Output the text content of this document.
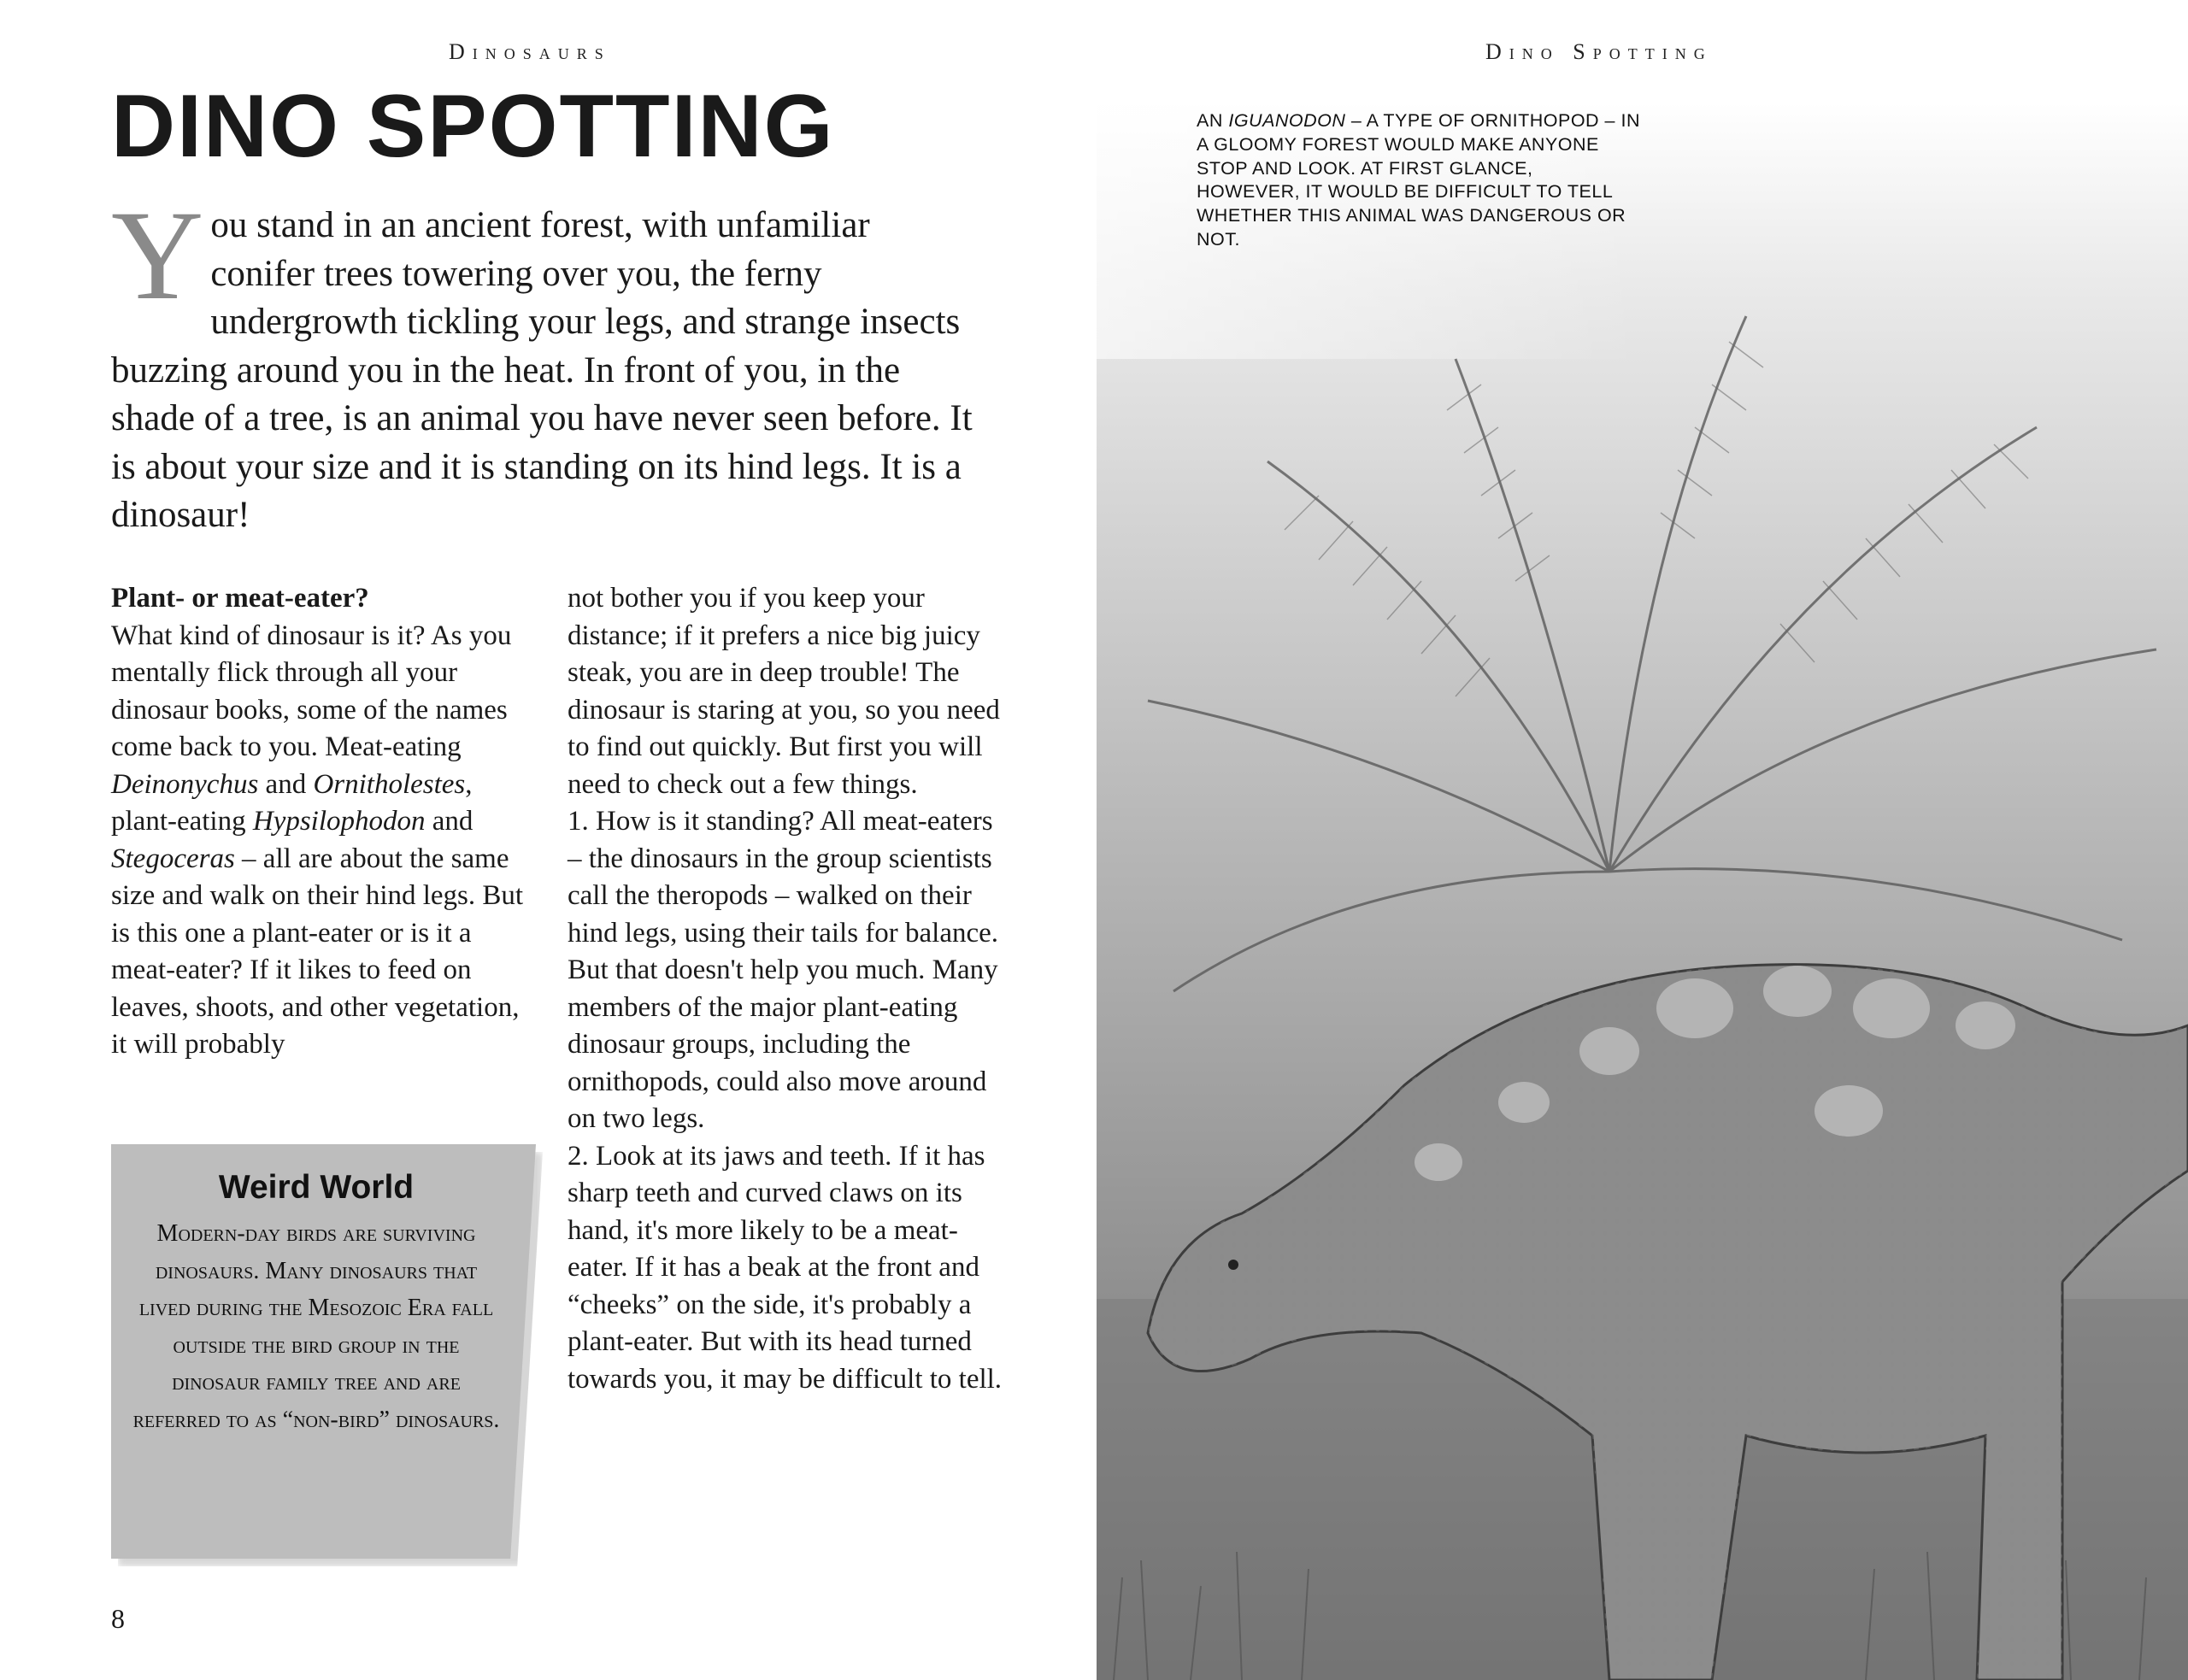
Dinosaurs
DINO SPOTTING

You stand in an ancient forest, with unfamiliar conifer trees towering over you, the ferny undergrowth tickling your legs, and strange insects buzzing around you in the heat. In front of you, in the shade of a tree, is an animal you have never seen before. It is about your size and it is standing on its hind legs. It is a dinosaur!

Plant- or meat-eater?

What kind of dinosaur is it? As you mentally flick through all your dinosaur books, some of the names come back to you. Meat-eating Deinonychus and Ornitholestes, plant-eating Hypsilophodon and Stegoceras – all are about the same size and walk on their hind legs. But is this one a plant-eater or is it a meat-eater? If it likes to feed on leaves, shoots, and other vegetation, it will probably

not bother you if you keep your distance; if it prefers a nice big juicy steak, you are in deep trouble! The dinosaur is staring at you, so you need to find out quickly. But first you will need to check out a few things.

1. How is it standing? All meat-eaters – the dinosaurs in the group scientists call the theropods – walked on their hind legs, using their tails for balance. But that doesn't help you much. Many members of the major plant-eating dinosaur groups, including the ornithopods, could also move around on two legs.

2. Look at its jaws and teeth. If it has sharp teeth and curved claws on its hand, it's more likely to be a meat-eater. If it has a beak at the front and “cheeks” on the side, it's probably a plant-eater. But with its head turned towards you, it may be difficult to tell.

Weird World

Modern-day birds are surviving dinosaurs. Many dinosaurs that lived during the Mesozoic Era fall outside the bird group in the dinosaur family tree and are referred to as “non-bird” dinosaurs.

8
Dino Spotting

AN IGUANODON – A TYPE OF ORNITHOPOD – IN A GLOOMY FOREST WOULD MAKE ANYONE STOP AND LOOK. AT FIRST GLANCE, HOWEVER, IT WOULD BE DIFFICULT TO TELL WHETHER THIS ANIMAL WAS DANGEROUS OR NOT.
